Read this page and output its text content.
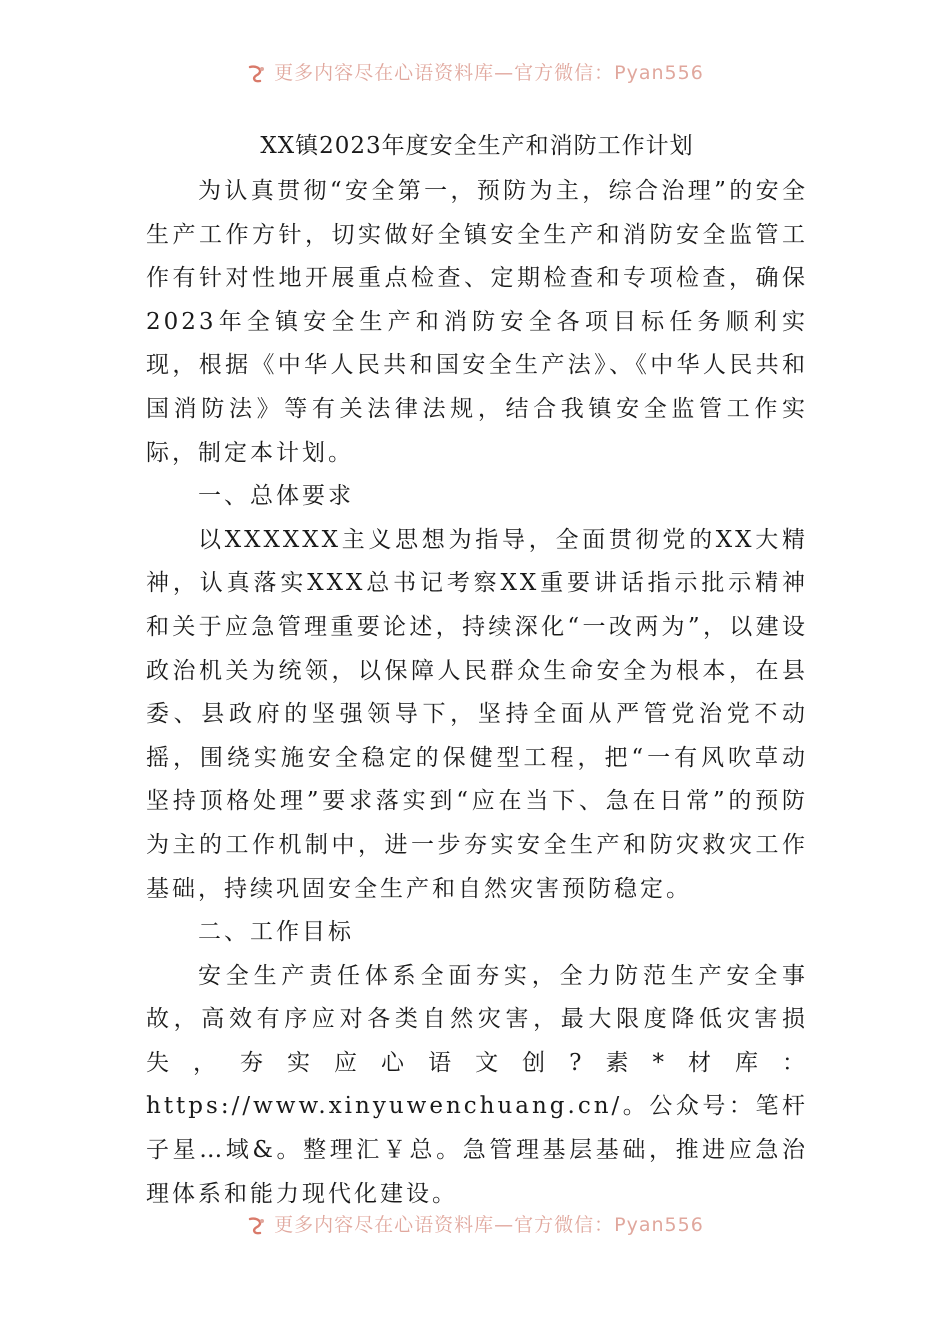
更多内容尽在心语资料库—官方微信：Pyan556

XX镇2023年度安全生产和消防工作计划

为认真贯彻“安全第一，预防为主，综合治理”的安全生产工作方针，切实做好全镇安全生产和消防安全监管工作有针对性地开展重点检查、定期检查和专项检查，确保2023年全镇安全生产和消防安全各项目标任务顺利实现，根据《中华人民共和国安全生产法》、《中华人民共和国消防法》等有关法律法规，结合我镇安全监管工作实际，制定本计划。

一、总体要求

以XXXXXX主义思想为指导，全面贯彻党的XX大精神，认真落实XXX总书记考察XX重要讲话指示批示精神和关于应急管理重要论述，持续深化“一改两为”，以建设政治机关为统领，以保障人民群众生命安全为根本，在县委、县政府的坚强领导下，坚持全面从严管党治党不动摇，围绕实施安全稳定的保健型工程，把“一有风吹草动坚持顶格处理”要求落实到“应在当下、急在日常”的预防为主的工作机制中，进一步夯实安全生产和防灾救灾工作基础，持续巩固安全生产和自然灾害预防稳定。

二、工作目标

安全生产责任体系全面夯实，全力防范生产安全事故，高效有序应对各类自然灾害，最大限度降低灾害损失，夯实应心语文创?素*材库：https://www.xinyuwenchuang.cn/。公众号：笔杆子星…域&。整理汇￥总。急管理基层基础，推进应急治理体系和能力现代化建设。

更多内容尽在心语资料库—官方微信：Pyan556
